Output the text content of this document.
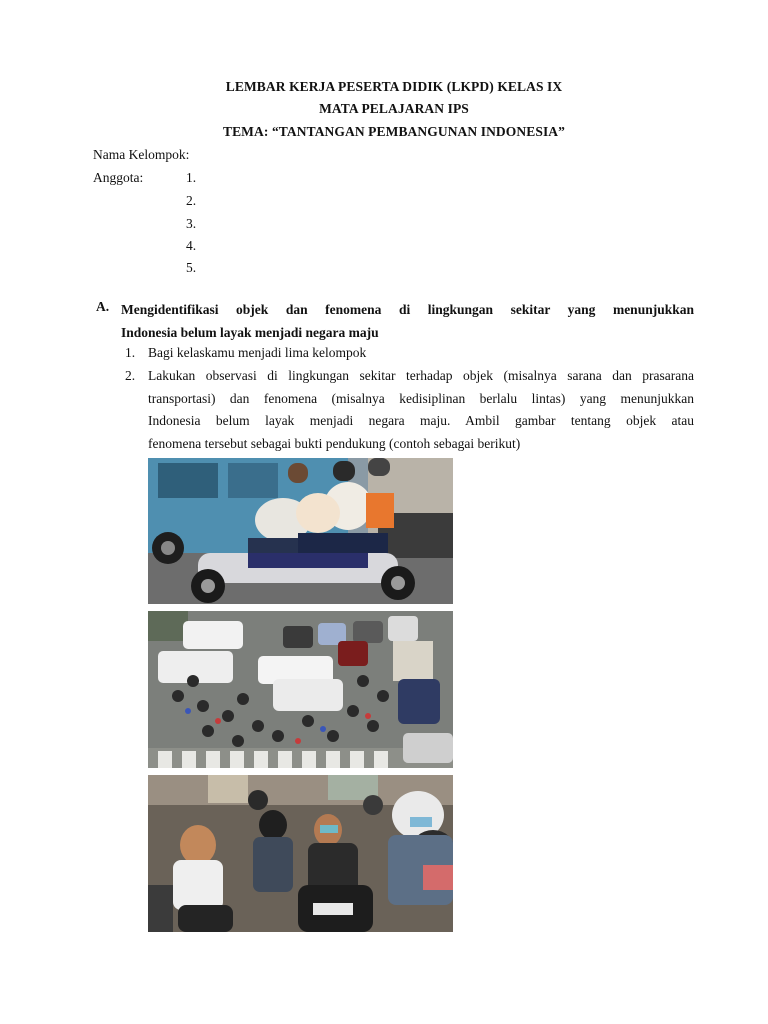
LEMBAR KERJA PESERTA DIDIK (LKPD) KELAS IX
MATA PELAJARAN IPS
TEMA: “TANTANGAN PEMBANGUNAN INDONESIA”
Nama Kelompok:
Anggota:	1.
2.
3.
4.
5.
A. Mengidentifikasi objek dan fenomena di lingkungan sekitar yang menunjukkan
Indonesia belum layak menjadi negara maju
1. Bagi kelaskamu menjadi lima kelompok
2. Lakukan observasi di lingkungan sekitar terhadap objek (misalnya sarana dan prasarana
transportasi) dan fenomena (misalnya kedisiplinan berlalu lintas) yang menunjukkan
Indonesia belum layak menjadi negara maju. Ambil gambar tentang objek atau
fenomena tersebut sebagai bukti pendukung (contoh sebagai berikut)
